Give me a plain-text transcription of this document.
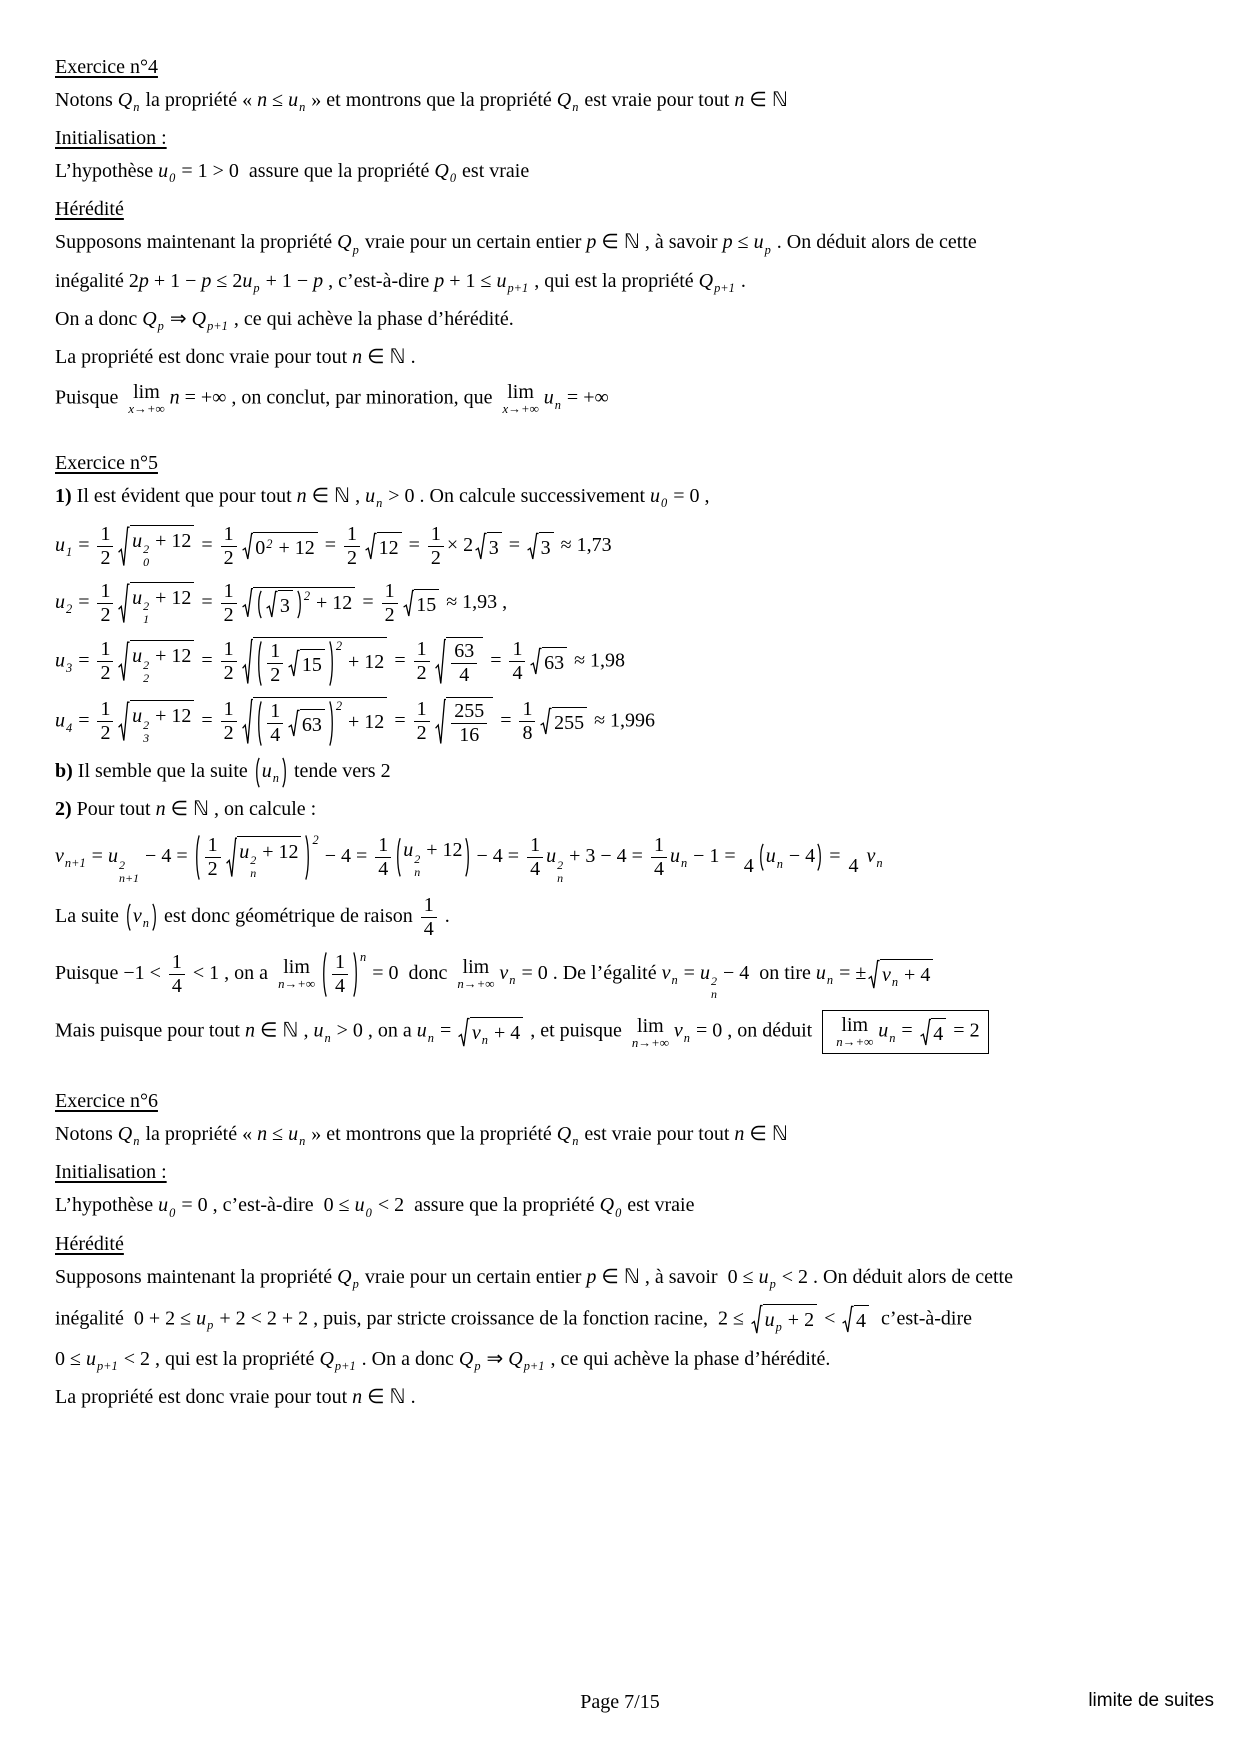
Exercice n°4
Notons $Q_n$ la propriété « $n \le u_n$ » et montrons que la propriété $Q_n$ est vraie pour tout n ∈ ℕ
Initialisation :
L’hypothèse $u_0 = 1 > 0$  assure que la propriété $Q_0$ est vraie
Hérédité
Supposons maintenant la propriété $Q_p$ vraie pour un certain entier p ∈ ℕ , à savoir $p \le u_p$ . On déduit alors de cette
inégalité $2p + 1 - p \le 2u_p + 1 - p$ , c’est-à-dire $p + 1 \le u_{p+1}$ , qui est la propriété $Q_{p+1}$ .
On a donc $Q_p$ ⇒ $Q_{p+1}$ , ce qui achève la phase d’hérédité.
La propriété est donc vraie pour tout n ∈ ℕ .
Puisque lim
x→+∞
n = +∞ , on conclut, par minoration, que lim
x→+∞
$u_n$ = +∞
Exercice n°5
1) Il est évident que pour tout n ∈ ℕ , $u_n > 0$ . On calcule successivement $u_0 = 0$ ,
$u_1 = \frac{1}{2}$ u 2
0
+ $12 = \frac{1}{2} 0^2 + 12 = \frac{1}{2} 12 = \frac{1}{2} \times 2$ 3 = 3 ≈ 1,73
$u_2 = \frac{1}{2}$ u 2
1
+ $12 = \frac{1}{2} 3$ $2 + 12 = \frac{1}{2} 15 \approx 1,93$ ,
$u_3 = \frac{1}{2}$ u 2
2
+ $12 = \frac{1}{2} \frac{1}{2} 15$
2
+ $12 = \frac{1}{2} \frac{63}{4} = \frac{1}{4} 63 \approx 1,98$
$u_4 = \frac{1}{2}$ u 2
3
+ $12 = \frac{1}{2} \frac{1}{4} 63$
2
+ $12 = \frac{1}{2} \frac{255}{16} = \frac{1}{8} 255 \approx 1,996$
b) Il semble que la suite $u_n$ tende vers 2
2) Pour tout n ∈ ℕ , on calcule :
$v_{n+1} = u$ 2
n+1
− $4 = \frac{1}{2}$ u 2
n
+ 12
2
− $4 = \frac{1}{4}$ u 2
n
+ $12 - 4 = \frac{1}{4}$ u 2
n
+ $3 - 4 = \frac{1}{4} u_n - 1 = 4$ $u_n - 4 = 4$ $v_n$
La suite $v_n$ est donc géométrique de raison $\frac{1}{4}$ .
Puisque $-1 < \frac{1}{4} < 1$ , on a lim
$n\to+\infty \frac{1}{4}$ n
= 0  donc lim
n→+∞
$v_n = 0$ . De l’égalité $v_n = u$ 2
n
− 4  on tire $u_n$ = ± $v_n + 4$
Mais puisque pour tout n ∈ ℕ , $u_n > 0$ , on a $u_n = v_n + 4$ , et puisque lim
n→+∞
$v_n = 0$ , on déduit lim
n→+∞
$u_n = 4 = 2$
Exercice n°6
Notons $Q_n$ la propriété « $n \le u_n$ » et montrons que la propriété $Q_n$ est vraie pour tout n ∈ ℕ
Initialisation :
L’hypothèse $u_0 = 0$ , c’est-à-dire  $0 \le u_0 < 2$  assure que la propriété $Q_0$ est vraie
Hérédité
Supposons maintenant la propriété $Q_p$ vraie pour un certain entier p ∈ ℕ , à savoir  $0 \le u_p < 2$ . On déduit alors de cette
inégalité  $0 + 2 \le u_p + 2 < 2 + 2$ , puis, par stricte croissance de la fonction racine,  $2 \le u_p + 2 < 4$ c’est-à-dire
$0 \le u_{p+1} < 2$ , qui est la propriété $Q_{p+1}$ . On a donc $Q_p$ ⇒ $Q_{p+1}$ , ce qui achève la phase d’hérédité.
La propriété est donc vraie pour tout n ∈ ℕ .
Page 7/15	limite de suites
